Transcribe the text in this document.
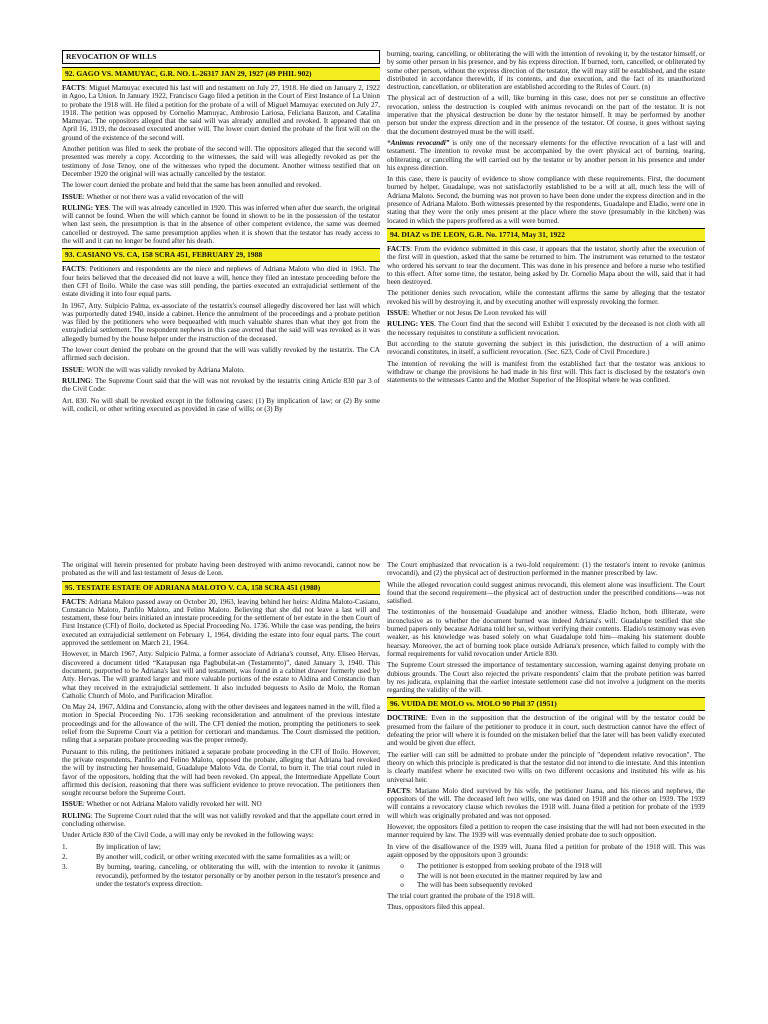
REVOCATION OF WILLS
92. GAGO VS. MAMUYAC, G.R. NO. L-26317 JAN 29, 1927 (49 PHIL 902)

FACTS: Miguel Mamuyac executed his last will and testament on July 27, 1918. He died on January 2, 1922 in Agoo, La Union. In January 1922, Francisco Gago filed a petition in the Court of First Instance of La Union to probate the 1918 will. He filed a petition for the probate of a will of Miguel Mamuyac executed on July 27, 1918. The petition was opposed by Cornelio Mamuyac, Ambrosio Lariosa, Feliciana Bauzon, and Catalina Mamuyac. The oppositors alleged that the said will was already annulled and revoked. It appeared that on April 16, 1919, the deceased executed another will. The lower court denied the probate of the first will on the ground of the existence of the second will.

Another petition was filed to seek the probate of the second will. The oppositors alleged that the second will presented was merely a copy. According to the witnesses, the said will was allegedly revoked as per the testimony of Jose Tenoy, one of the witnesses who typed the document. Another witness testified that on December 1920 the original will was actually cancelled by the testator.

The lower court denied the probate and held that the same has been annulled and revoked.

ISSUE: Whether or not there was a valid revocation of the will

RULING: YES. The will was already cancelled in 1920. This was inferred when after due search, the original will cannot be found. When the will which cannot be found in shown to be in the possession of the testator when last seen, the presumption is that in the absence of other competent evidence, the same was deemed cancelled or destroyed. The same presumption applies when it is shown that the testator has ready access to the will and it can no longer be found after his death.

93. CASIANO VS. CA, 158 SCRA 451, FEBRUARY 29, 1988

FACTS: Petitioners and respondents are the niece and nephews of Adriana Maloto who died in 1963. The four heirs believed that the deceased did not leave a will, hence they filed an intestate proceeding before the then CFI of Iloilo. While the case was still pending, the parties executed an extrajudicial settlement of the estate dividing it into four equal parts.

In 1967, Atty. Sulpicio Palma, ex-associate of the testatrix's counsel allegedly discovered her last will which was purportedly dated 1940, inside a cabinet. Hence the annulment of the proceedings and a probate petition was filed by the petitioners who were bequeathed with much valuable shares than what they got from the extrajudicial settlement. The respondent nephews in this case averred that the said will was revoked as it was allegedly burned by the house helper under the instruction of the deceased.

The lower court denied the probate on the ground that the will was validly revoked by the testatrix. The CA affirmed such decision.

ISSUE: WON the will was validly revoked by Adriana Maloto.

RULING: The Supreme Court said that the will was not revoked by the testatrix citing Article 830 par 3 of the Civil Code:

Art. 830. No will shall be revoked except in the following cases: (1) By implication of law; or (2) By some will, codicil, or other writing executed as provided in case of wills; or (3) By

burning, tearing, cancelling, or obliterating the will with the intention of revoking it, by the testator himself, or by some other person in his presence, and by his express direction. If burned, torn, cancelled, or obliterated by some other person, without the express direction of the testator, the will may still be established, and the estate distributed in accordance therewith, if its contents, and due execution, and the fact of its unauthorized destruction, cancellation, or obliteration are established according to the Rules of Court. (n)

The physical act of destruction of a will, like burning in this case, does not per se constitute an effective revocation, unless the destruction is coupled with animus revocandi on the part of the testator. It is not imperative that the physical destruction be done by the testator himself. It may be performed by another person but under the express direction and in the presence of the testator. Of course, it goes without saying that the document destroyed must be the will itself.

“Animus revocandi” is only one of the necessary elements for the effective revocation of a last will and testament. The intention to revoke must be accompanied by the overt physical act of burning, tearing, obliterating, or cancelling the will carried out by the testator or by another person in his presence and under his express direction.

In this case, there is paucity of evidence to show compliance with these requirements. First, the document burned by helper, Guadalupe, was not satisfactorily established to be a will at all, much less the will of Adriana Maloto. Second, the burning was not proven to have been done under the express direction and in the presence of Adriana Maloto. Both witnesses presented by the respondents, Guadalupe and Eladio, were one in stating that they were the only ones present at the place where the stove (presumably in the kitchen) was located in which the papers proffered as a will were burned.

94. DIAZ vs DE LEON, G.R. No. 17714, May 31, 1922

FACTS: From the evidence submitted in this case, it appears that the testator, shortly after the execution of the first will in question, asked that the same be returned to him. The instrument was returned to the testator who ordered his servant to tear the document. This was done in his presence and before a nurse who testified to this effect. After some time, the testator, being asked by Dr. Cornelio Mapa about the will, said that it had been destroyed.

The petitioner denies such revocation, while the contestant affirms the same by alleging that the testator revoked his will by destroying it, and by executing another will expressly revoking the former.

ISSUE: Whether or not Jesus De Leon revoked his will

RULING: YES. The Court find that the second will Exhibit 1 executed by the deceased is not cloth with all the necessary requisites to constitute a sufficient revocation.

But according to the statute governing the subject in this jurisdiction, the destruction of a will animo revocandi constitutes, in itself, a sufficient revocation. (Sec. 623, Code of Civil Procedure.)

The intention of revoking the will is manifest from the established fact that the testator was anxious to withdraw or change the provisions he had made in his first will. This fact is disclosed by the testator's own statements to the witnesses Canto and the Mother Superior of the Hospital where he was confined.

The original will herein presented for probate having been destroyed with animo revocandi, cannot now be probated as the will and last testament of Jesus de Leon.

95. TESTATE ESTATE OF ADRIANA MALOTO V. CA, 158 SCRA 451 (1988)

FACTS: Adriana Maloto passed away on October 20, 1963, leaving behind her heirs: Aldina Maloto-Casiano, Constancio Maloto, Panfilo Maloto, and Felino Maloto. Believing that she did not leave a last will and testament, these four heirs initiated an intestate proceeding for the settlement of her estate in the then Court of First Instance (CFI) of Iloilo, docketed as Special Proceeding No. 1736. While the case was pending, the heirs executed an extrajudicial settlement on February 1, 1964, dividing the estate into four equal parts. The court approved the settlement on March 21, 1964.

However, in March 1967, Atty. Sulpicio Palma, a former associate of Adriana's counsel, Atty. Eliseo Hervas, discovered a document titled “Katapusan nga Pagbubulat-an (Testamento)”, dated January 3, 1940. This document, purported to be Adriana's last will and testament, was found in a cabinet drawer formerly used by Atty. Hervas. The will granted larger and more valuable portions of the estate to Aldina and Constancio than what they received in the extrajudicial settlement. It also included bequests to Asilo de Molo, the Roman Catholic Church of Molo, and Purificacion Miraflor.

On May 24, 1967, Aldina and Constancio, along with the other devisees and legatees named in the will, filed a motion in Special Proceeding No. 1736 seeking reconsideration and annulment of the previous intestate proceedings and for the allowance of the will. The CFI denied the motion, prompting the petitioners to seek relief from the Supreme Court via a petition for certiorari and mandamus. The Court dismissed the petition, ruling that a separate probate proceeding was the proper remedy.

Pursuant to this ruling, the petitioners initiated a separate probate proceeding in the CFI of Iloilo. However, the private respondents, Panfilo and Felino Maloto, opposed the probate, alleging that Adriana had revoked the will by instructing her housemaid, Guadalupe Maloto Vda. de Corral, to burn it. The trial court ruled in favor of the oppositors, holding that the will had been revoked. On appeal, the Intermediate Appellate Court affirmed this decision, reasoning that there was sufficient evidence to prove revocation. The petitioners then sought recourse before the Supreme Court.

ISSUE: Whether or not Adriana Maloto validly revoked her will. NO

RULING: The Supreme Court ruled that the will was not validly revoked and that the appellate court erred in concluding otherwise.

Under Article 830 of the Civil Code, a will may only be revoked in the following ways:

1.	By implication of law;
2.	By another will, codicil, or other writing executed with the same formalities as a will; or
3.	By burning, tearing, canceling, or obliterating the will, with the intention to revoke it (animus revocandi), performed by the testator personally or by another person in the testator's presence and under the testator's express direction.

The Court emphasized that revocation is a two-fold requirement: (1) the testator's intent to revoke (animus revocandi), and (2) the physical act of destruction performed in the manner prescribed by law.

While the alleged revocation could suggest animus revocandi, this element alone was insufficient. The Court found that the second requirement—the physical act of destruction under the prescribed conditions—was not satisfied.

The testimonies of the housemaid Guadalupe and another witness, Eladio Itchon, both illiterate, were inconclusive as to whether the document burned was indeed Adriana's will. Guadalupe testified that she burned papers only because Adriana told her so, without verifying their contents. Eladio's testimony was even weaker, as his knowledge was based solely on what Guadalupe told him—making his statement double hearsay. Moreover, the act of burning took place outside Adriana's presence, which failed to comply with the formal requirements for valid revocation under Article 830.

The Supreme Court stressed the importance of testamentary succession, warning against denying probate on dubious grounds. The Court also rejected the private respondents' claim that the probate petition was barred by res judicata, explaining that the earlier intestate settlement case did not involve a judgment on the merits regarding the validity of the will.

96. VUIDA DE MOLO vs. MOLO 90 Phil 37 (1951)

DOCTRINE: Even in the supposition that the destruction of the original will by the testator could be presumed from the failure of the petitioner to produce it in court, such destruction cannot have the effect of defeating the prior will where it is founded on the mistaken belief that the later will has been validly executed and would be given due effect.

The earlier will can still be admitted to probate under the principle of "dependent relative revocation". The theory on which this principle is predicated is that the testator did not intend to die intestate. And this intention is clearly manifest where he executed two wills on two different occasions and instituted his wife as his universal heir.

FACTS: Mariano Molo died survived by his wife, the petitioner Juana, and his nieces and nephews, the oppositors of the will. The deceased left two wills, one was dated on 1918 and the other on 1939. The 1939 will contains a revocatory clause which revokes the 1918 will. Juana filed a petition for probate of the 1939 will which was originally probated and was not opposed.

However, the oppositors filed a petition to reopen the case insisting that the will had not been executed in the manner required by law. The 1939 will was eventually denied probate due to such opposition.

In view of the disallowance of the 1939 will, Juana filed a petition for probate of the 1918 will. This was again opposed by the oppositors upon 3 grounds:

o	The petitioner is estopped from seeking probate of the 1918 will
o	The will is not been executed in the manner required by law and
o	The will has been subsequently revoked

The trial court granted the probate of the 1918 will.

Thus, oppositors filed this appeal.
